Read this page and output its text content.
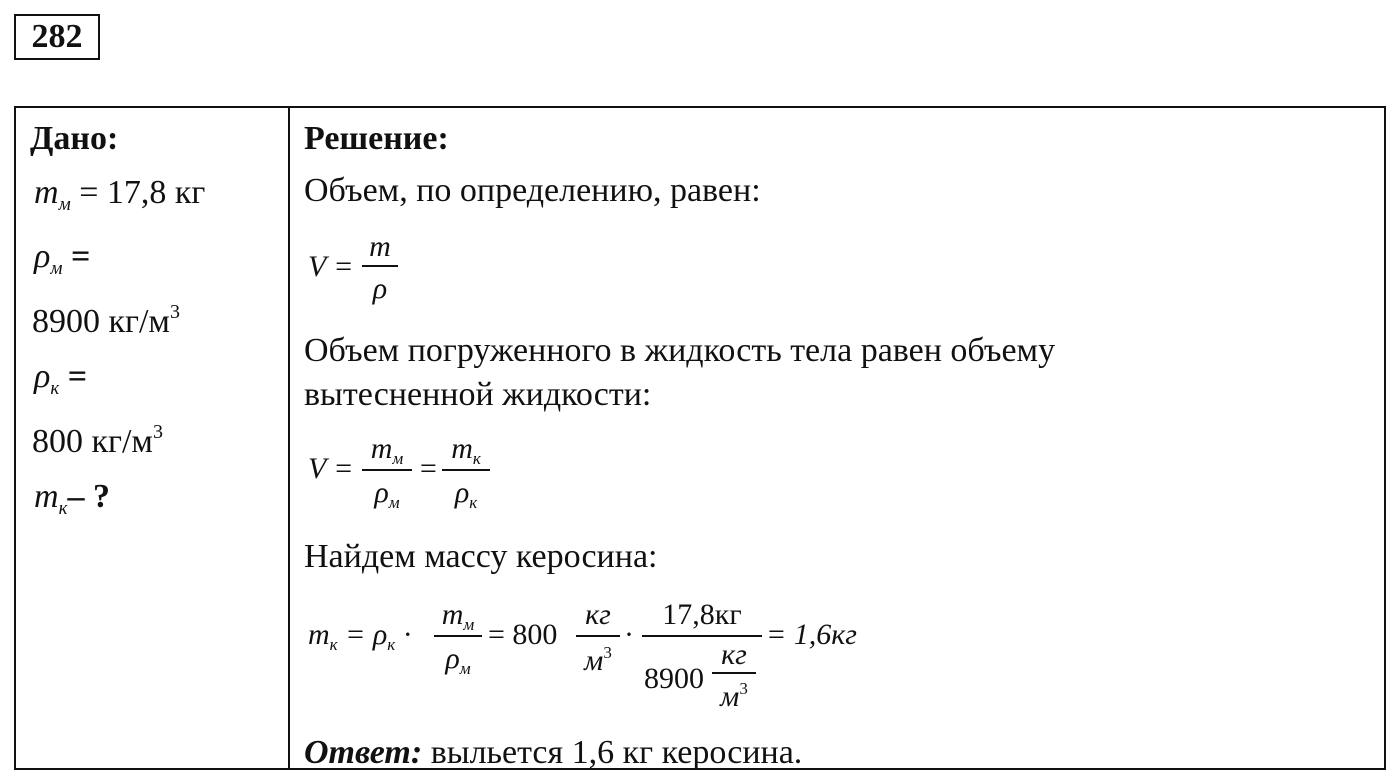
282
Дано:
$m_м = 17,8$ кг
$\rho_м$ =
8900 $кг/м^3$
$\rho_к$ =
800 $кг/м^3$
$m_к-$ ?
Решение:
Объем, по определению, равен:
V =
m
ρ
Объем погруженного в жидкость тела равен объему
вытесненной жидкости:
V =
$m_м$
$\rho_м$
=
$m_к$
$\rho_к$
Найдем массу керосина:
$m_к = \rho_к$ ·
$m_м$
$\rho_м$
= 800
кг
$м^3$
·
17,8кг
8900
кг
$м^3$
= 1,6кг
Ответ: выльется 1,6 кг керосина.
